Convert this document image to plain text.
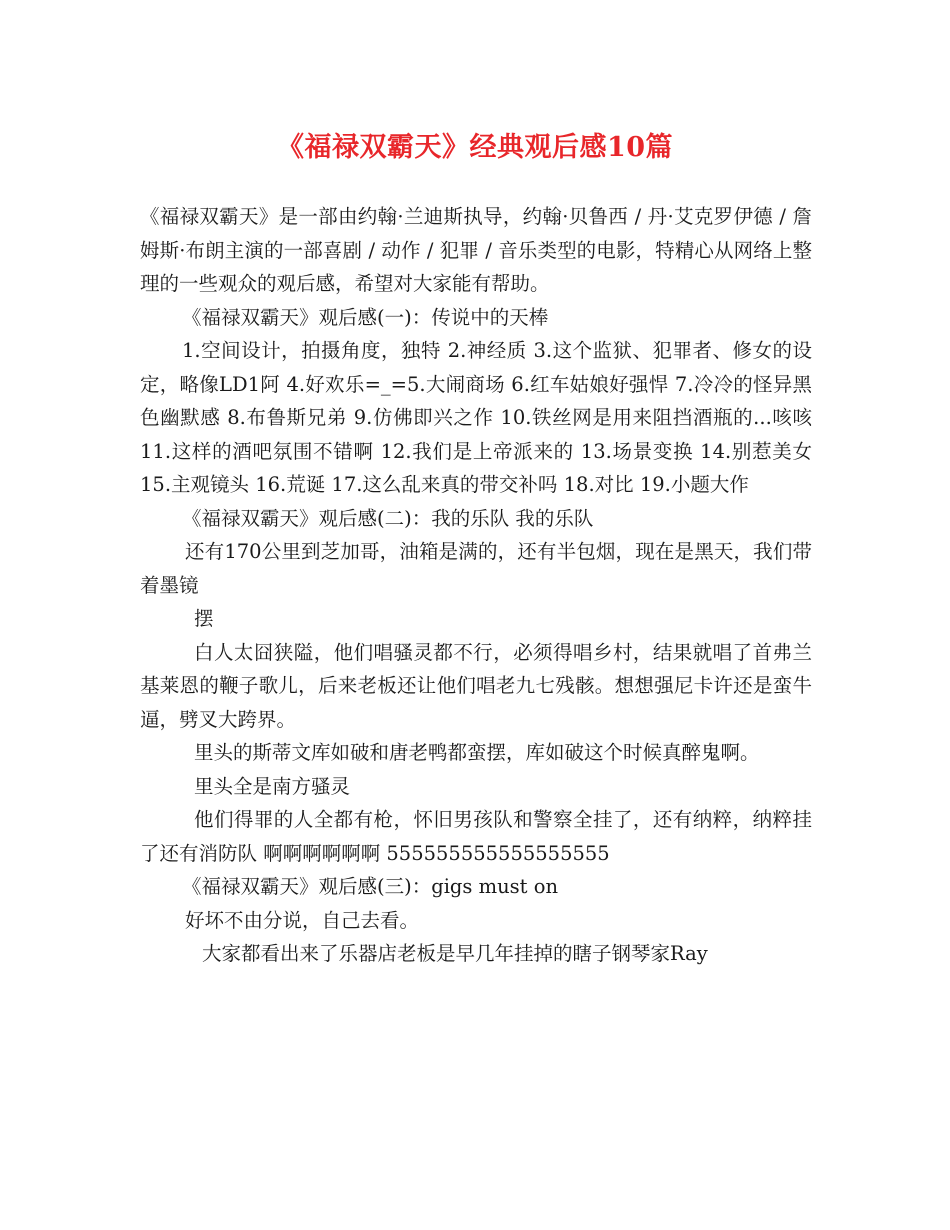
《福禄双霸天》经典观后感10篇

《福禄双霸天》是一部由约翰·兰迪斯执导，约翰·贝鲁西 / 丹·艾克罗伊德 / 詹姆斯·布朗主演的一部喜剧 / 动作 / 犯罪 / 音乐类型的电影，特精心从网络上整理的一些观众的观后感，希望对大家能有帮助。

《福禄双霸天》观后感(一)：传说中的天棒

1.空间设计，拍摄角度，独特 2.神经质 3.这个监狱、犯罪者、修女的设定，略像LD1阿 4.好欢乐=_=5.大闹商场 6.红车姑娘好强悍 7.冷冷的怪异黑色幽默感 8.布鲁斯兄弟 9.仿佛即兴之作 10.铁丝网是用来阻挡酒瓶的...咳咳 11.这样的酒吧氛围不错啊 12.我们是上帝派来的 13.场景变换 14.别惹美女 15.主观镜头 16.荒诞 17.这么乱来真的带交补吗 18.对比 19.小题大作

《福禄双霸天》观后感(二)：我的乐队 我的乐队

还有170公里到芝加哥，油箱是满的，还有半包烟，现在是黑天，我们带着墨镜

摆

白人太囧狭隘，他们唱骚灵都不行，必须得唱乡村，结果就唱了首弗兰基莱恩的鞭子歌儿，后来老板还让他们唱老九七残骸。想想强尼卡许还是蛮牛逼，劈叉大跨界。

里头的斯蒂文库如破和唐老鸭都蛮摆，库如破这个时候真醉鬼啊。

里头全是南方骚灵

他们得罪的人全都有枪，怀旧男孩队和警察全挂了，还有纳粹，纳粹挂了还有消防队 啊啊啊啊啊啊 555555555555555555

《福禄双霸天》观后感(三)：gigs must on

好坏不由分说，自己去看。

大家都看出来了乐器店老板是早几年挂掉的瞎子钢琴家Ray
